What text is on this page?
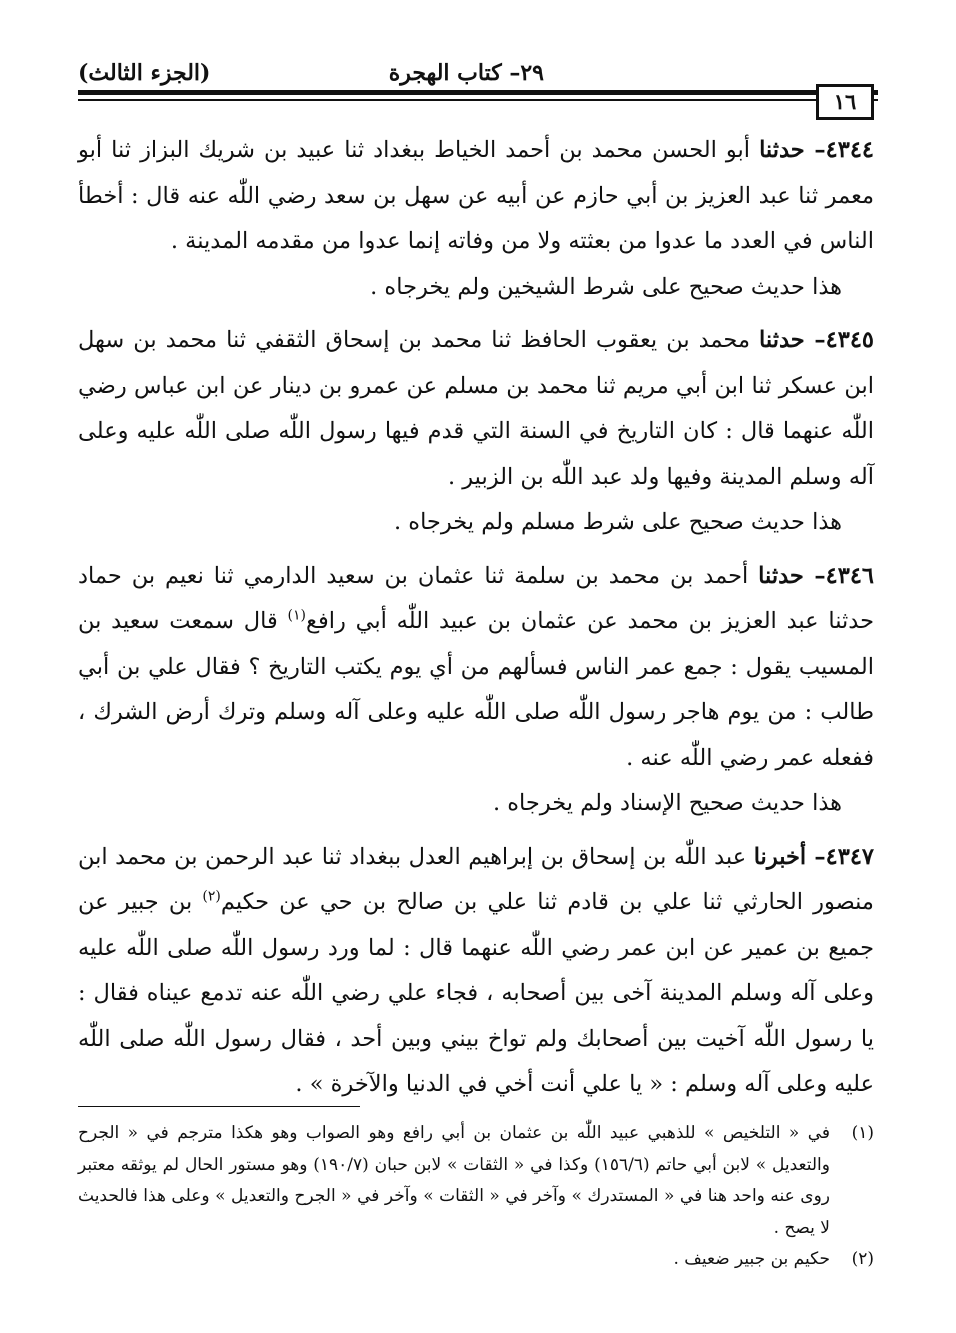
٢٩– كتاب الهجرة
(الجزء الثالث)
١٦

٤٣٤٤– حدثنا أبو الحسن محمد بن أحمد الخياط ببغداد ثنا عبيد بن شريك البزاز ثنا أبو معمر ثنا عبد العزيز بن أبي حازم عن أبيه عن سهل بن سعد رضي اللّٰه عنه قال : أخطأ الناس في العدد ما عدوا من بعثته ولا من وفاته إنما عدوا من مقدمه المدينة .

هذا حديث صحيح على شرط الشيخين ولم يخرجاه .

٤٣٤٥– حدثنا محمد بن يعقوب الحافظ ثنا محمد بن إسحاق الثقفي ثنا محمد بن سهل ابن عسكر ثنا ابن أبي مريم ثنا محمد بن مسلم عن عمرو بن دينار عن ابن عباس رضي اللّٰه عنهما قال : كان التاريخ في السنة التي قدم فيها رسول اللّٰه صلى اللّٰه عليه وعلى آله وسلم المدينة وفيها ولد عبد اللّٰه بن الزبير .

هذا حديث صحيح على شرط مسلم ولم يخرجاه .

٤٣٤٦– حدثنا أحمد بن محمد بن سلمة ثنا عثمان بن سعيد الدارمي ثنا نعيم بن حماد حدثنا عبد العزيز بن محمد عن عثمان بن عبيد اللّٰه أبي رافع$^{(١)}$ قال سمعت سعيد بن المسيب يقول : جمع عمر الناس فسألهم من أي يوم يكتب التاريخ ؟ فقال علي بن أبي طالب : من يوم هاجر رسول اللّٰه صلى اللّٰه عليه وعلى آله وسلم وترك أرض الشرك ، ففعله عمر رضي اللّٰه عنه .

هذا حديث صحيح الإسناد ولم يخرجاه .

٤٣٤٧– أخبرنا عبد اللّٰه بن إسحاق بن إبراهيم العدل ببغداد ثنا عبد الرحمن بن محمد ابن منصور الحارثي ثنا علي بن قادم ثنا علي بن صالح بن حي عن حكيم$^{(٢)}$ بن جبير عن جميع بن عمير عن ابن عمر رضي اللّٰه عنهما قال : لما ورد رسول اللّٰه صلى اللّٰه عليه وعلى آله وسلم المدينة آخى بين أصحابه ، فجاء علي رضي اللّٰه عنه تدمع عيناه فقال : يا رسول اللّٰه آخيت بين أصحابك ولم تواخ بيني وبين أحد ، فقال رسول اللّٰه صلى اللّٰه عليه وعلى آله وسلم : « يا علي أنت أخي في الدنيا والآخرة » .

(١)
في « التلخيص » للذهبي عبيد اللّٰه بن عثمان بن أبي رافع وهو الصواب وهو هكذا مترجم في « الجرح والتعديل » لابن أبي حاتم (١٥٦/٦) وكذا في « الثقات » لابن حبان (١٩٠/٧) وهو مستور الحال لم يوثقه معتبر روى عنه واحد هنا في « المستدرك » وآخر في « الثقات » وآخر في « الجرح والتعديل » وعلى هذا فالحديث لا يصح .

(٢)
حكيم بن جبير ضعيف .
